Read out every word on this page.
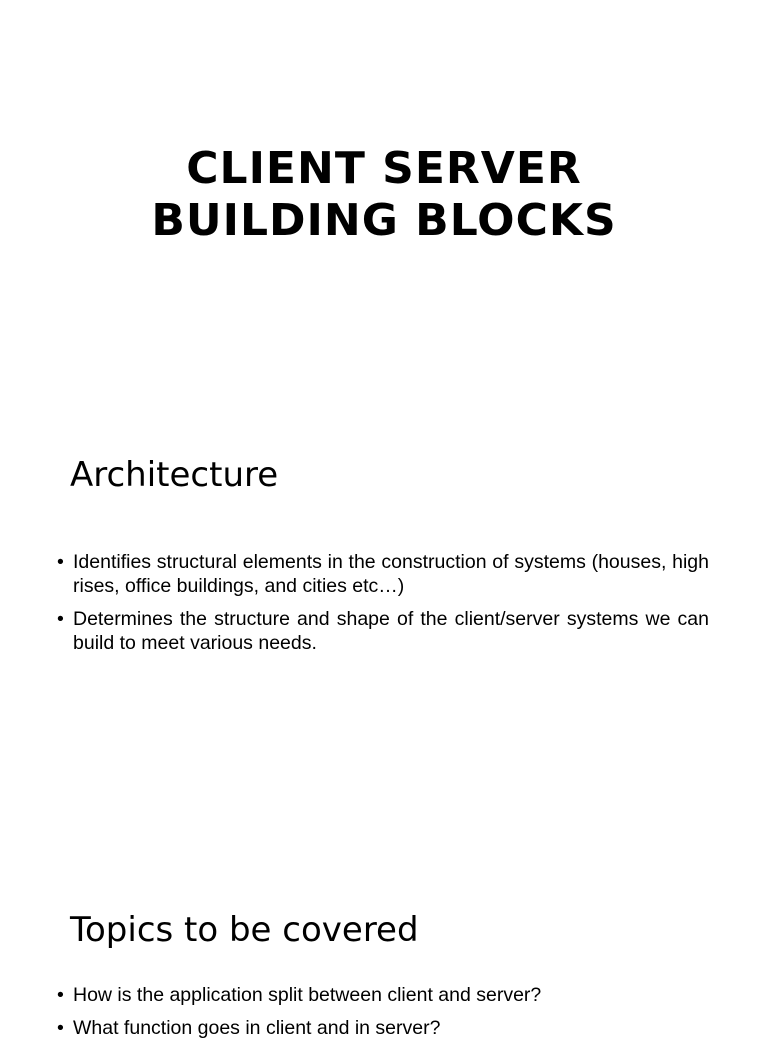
CLIENT SERVER
BUILDING BLOCKS
Architecture
• Identifies structural elements in the construction of systems (houses, high rises, office buildings, and cities etc…)
• Determines the structure and shape of the client/server systems we can build to meet various needs.
Topics to be covered
• How is the application split between client and server?
• What function goes in client and in server?
